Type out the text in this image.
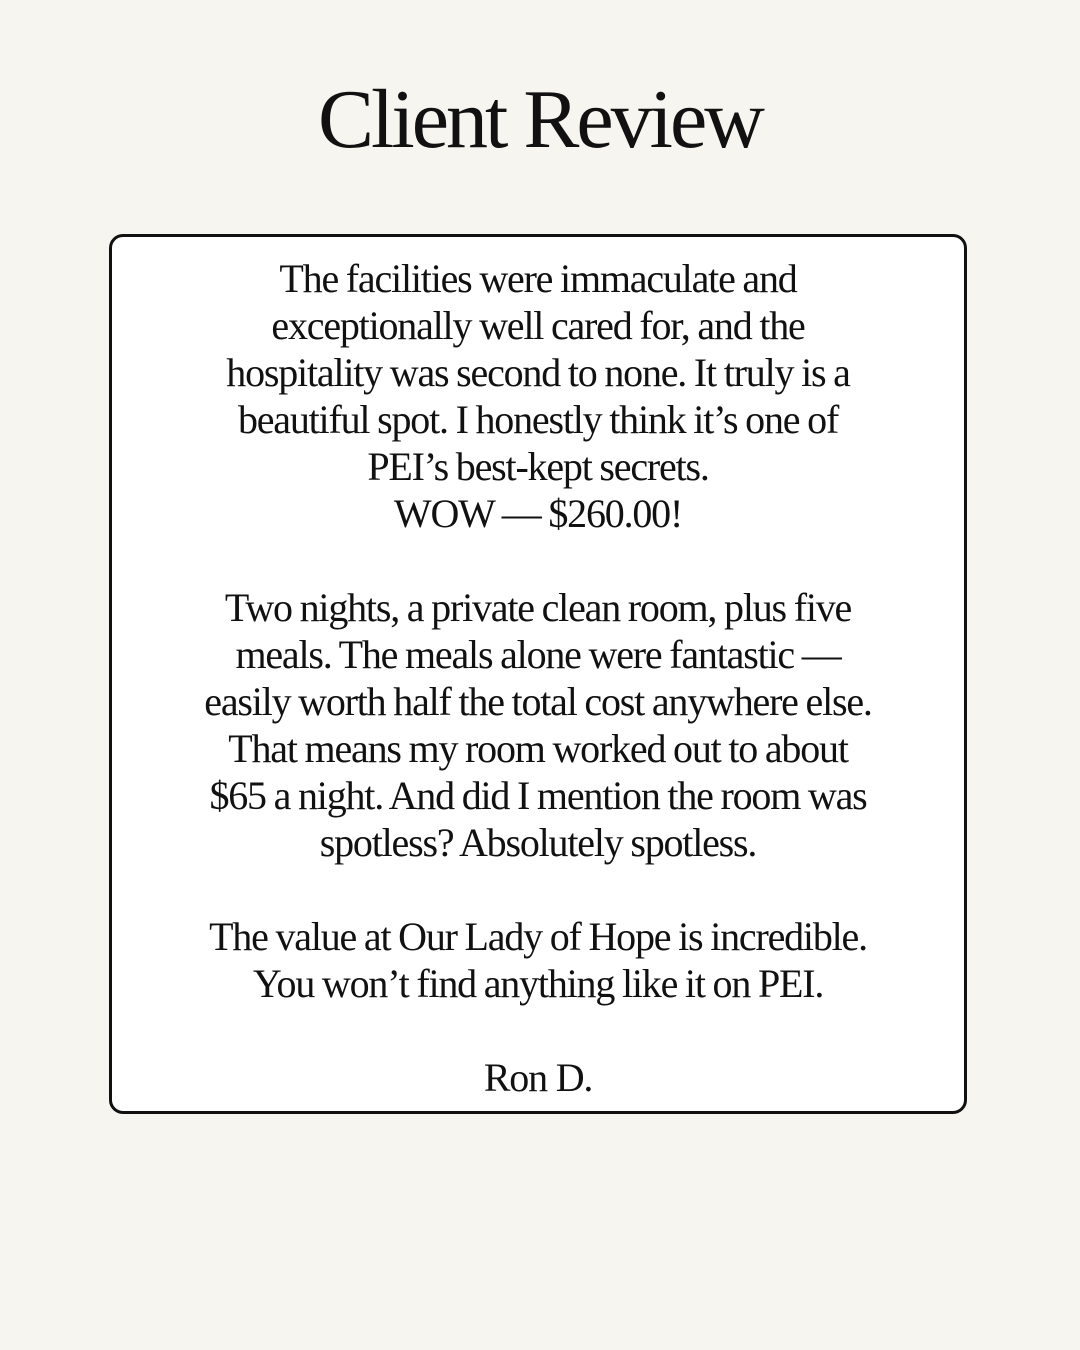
Client Review

The facilities were immaculate and
exceptionally well cared for, and the
hospitality was second to none. It truly is a
beautiful spot. I honestly think it’s one of
PEI’s best-kept secrets.
WOW — $260.00!

Two nights, a private clean room, plus five
meals. The meals alone were fantastic —
easily worth half the total cost anywhere else.
That means my room worked out to about
$65 a night. And did I mention the room was
spotless? Absolutely spotless.

The value at Our Lady of Hope is incredible.
You won’t find anything like it on PEI.

Ron D.
